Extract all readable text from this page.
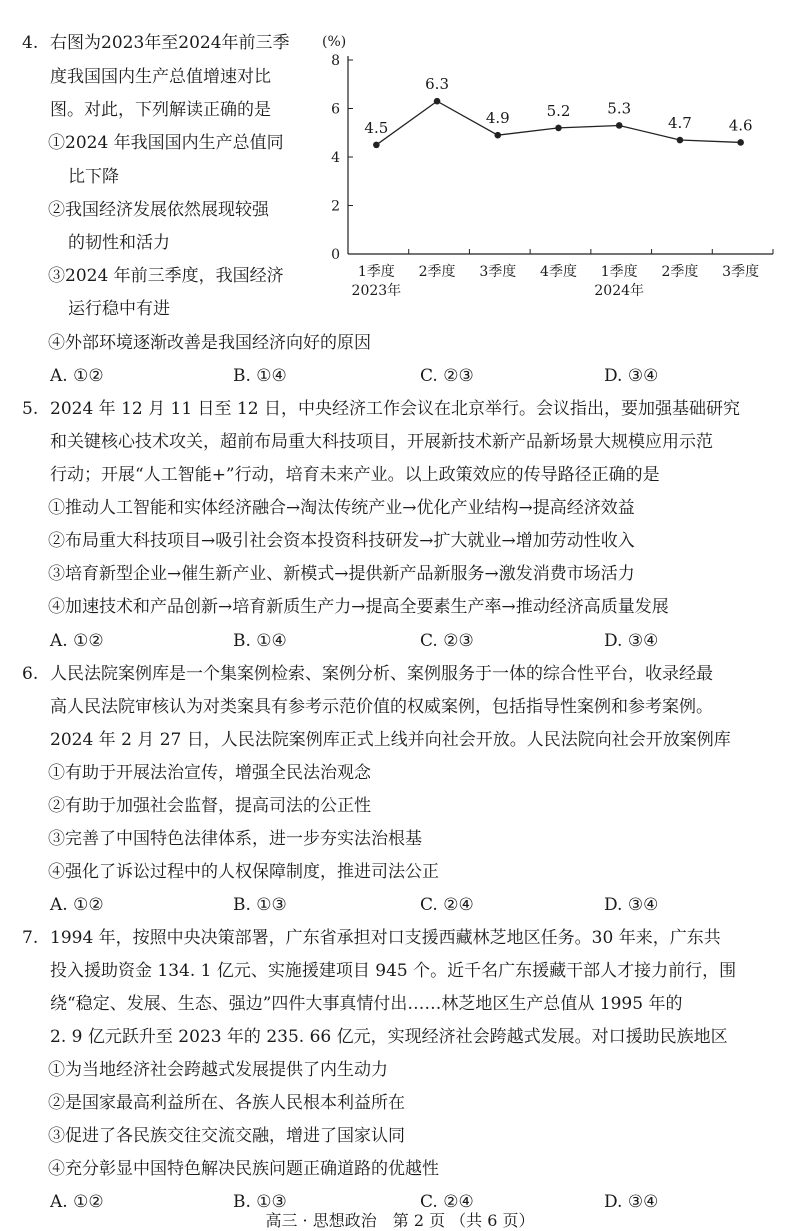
4. 右图为2023年至2024年前三季
度我国国内生产总值增速对比
图。对此，下列解读正确的是
①2024 年我国国内生产总值同
比下降
②我国经济发展依然展现较强
的韧性和活力
③2024 年前三季度，我国经济
运行稳中有进
④外部环境逐渐改善是我国经济向好的原因
A. ①②	B. ①④	C. ②③	D. ③④
(%)
0
2
4
6
8
1季度 2季度 3季度 4季度 1季度 2季度 3季度
2023年	2024年
4.5
6.3
4.9 5.2 5.3
4.7 4.6
5. 2024 年 12 月 11 日至 12 日，中央经济工作会议在北京举行。会议指出，要加强基础研究
和关键核心技术攻关，超前布局重大科技项目，开展新技术新产品新场景大规模应用示范
行动；开展“人工智能+”行动，培育未来产业。以上政策效应的传导路径正确的是
①推动人工智能和实体经济融合→淘汰传统产业→优化产业结构→提高经济效益
②布局重大科技项目→吸引社会资本投资科技研发→扩大就业→增加劳动性收入
③培育新型企业→催生新产业、新模式→提供新产品新服务→激发消费市场活力
④加速技术和产品创新→培育新质生产力→提高全要素生产率→推动经济高质量发展
A. ①②	B. ①④	C. ②③	D. ③④
6. 人民法院案例库是一个集案例检索、案例分析、案例服务于一体的综合性平台，收录经最
高人民法院审核认为对类案具有参考示范价值的权威案例，包括指导性案例和参考案例。
2024 年 2 月 27 日，人民法院案例库正式上线并向社会开放。人民法院向社会开放案例库
①有助于开展法治宣传，增强全民法治观念
②有助于加强社会监督，提高司法的公正性
③完善了中国特色法律体系，进一步夯实法治根基
④强化了诉讼过程中的人权保障制度，推进司法公正
A. ①②	B. ①③	C. ②④	D. ③④
7. 1994 年，按照中央决策部署，广东省承担对口支援西藏林芝地区任务。30 年来，广东共
投入援助资金 134. 1 亿元、实施援建项目 945 个。近千名广东援藏干部人才接力前行，围
绕“稳定、发展、生态、强边”四件大事真情付出……林芝地区生产总值从 1995 年的
2. 9 亿元跃升至 2023 年的 235. 66 亿元，实现经济社会跨越式发展。对口援助民族地区
①为当地经济社会跨越式发展提供了内生动力
②是国家最高利益所在、各族人民根本利益所在
③促进了各民族交往交流交融，增进了国家认同
④充分彰显中国特色解决民族问题正确道路的优越性
A. ①②	B. ①③	C. ②④	D. ③④
高三 · 思想政治　第 2 页 （共 6 页）
